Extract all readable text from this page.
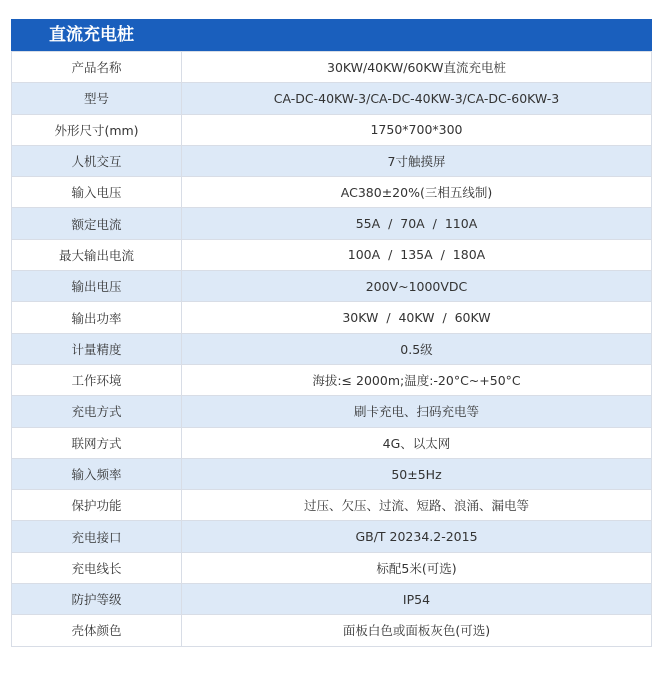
直流充电桩
产品名称	30KW/40KW/60KW直流充电桩
型号	CA-DC-40KW-3/CA-DC-40KW-3/CA-DC-60KW-3
外形尺寸(mm)	1750*700*300
人机交互	7寸触摸屏
输入电压	AC380±20%(三相五线制)
额定电流	55A  /  70A  /  110A
最大输出电流	100A  /  135A  /  180A
输出电压	200V~1000VDC
输出功率	30KW  /  40KW  /  60KW
计量精度	0.5级
工作环境	海拔:≤ 2000m;温度:-20°C~+50°C
充电方式	刷卡充电、扫码充电等
联网方式	4G、以太网
输入频率	50±5Hz
保护功能	过压、欠压、过流、短路、浪涌、漏电等
充电接口	GB/T 20234.2-2015
充电线长	标配5米(可选)
防护等级	IP54
壳体颜色	面板白色或面板灰色(可选)
